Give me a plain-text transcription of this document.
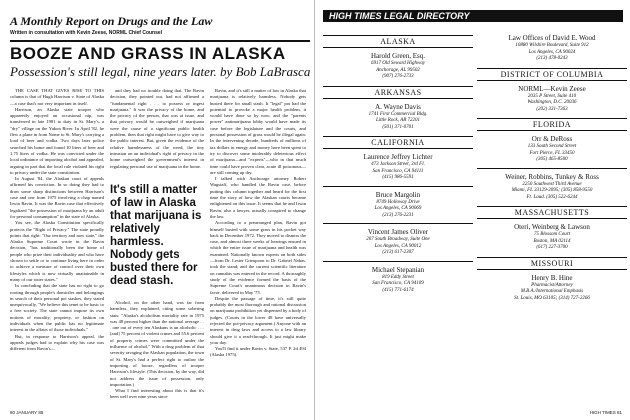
A Monthly Report on Drugs and the Law
Written in consultation with Kevin Zeese, NORML Chief Counsel
BOOZE AND GRASS IN ALASKA
Possession's still legal, nine years later. by Bob LaBrasca

THE CASE THAT GIVES RISE TO THIS column is that of Hugh Harrison v. State of Alaska—a case that's not very important in itself.

Harrison, an Alaska state trooper who apparently enjoyed an occasional nip, was transferred in late 1981 to duty in St. Mary's, a "dry" village on the Yukon River. In April '82, he flew a plane in from Nome to St. Mary's carrying a load of beer and vodka. Two days later police searched his home and found 10 liters of beer and 1.75 liters of vodka. He was convicted under the local ordinance of importing alcohol and appealed, arguing in part that the local rule violated his right to privacy under the state constitution.

In August '84, the Alaskan court of appeals affirmed his conviction. In so doing they had to draw some sharp distinctions between Harrison's case and one from 1975 involving a chap named Irwin Ravin. It was the Ravin case that effectively legalized "the possession of marijuana by an adult for personal consumption" in the state of Alaska.

You see, the Alaska Constitution specifically protects the "Right of Privacy." The state proudly points that right: "Our territory and now state," the Alaska Supreme Court wrote in the Ravin decision, "has traditionally been the home of people who prize their individuality and who have chosen to settle or to continue living here in order to achieve a measure of control over their own lifestyles which is now virtually unattainable in many of our sister states."

In concluding that the state has no right to go rooting through people's domiciles and belongings in search of their personal pot stashes, they stated unequivocally, "We believe this tenet to be basic to a free society. The state cannot impose its own notions of morality, propriety, or fashion on individuals when the public has no legitimate interest in the affairs of those individuals."

But, in response to Harrison's appeal, the appeals judges had to explain why his case was different from Ravin's—

and they had no trouble doing that. The Ravin decision, they pointed out, had not affirmed a "fundamental right . . . to possess or ingest marijuana." It was the privacy of the home, and the privacy of the person, that was at issue, and that privacy would be outweighed if marijuana were the cause of a significant public health problem, then that right might have to give way to the public interest. But, given the evidence of the relative harmlessness of the weed, the tiny intrusion on an individual's right of privacy in the home outweighed the government's interest in regulating personal use of marijuana in the home.

It's still a matter of law in Alaska that marijuana is relatively harmless. Nobody gets busted there for dead stash.

Alcohol, on the other hand, was far from harmless, they explained, citing some sobering stats: "Alaska's alcoholism mortality rate in 1975 was 48 percent higher than the national average . . . one out of every ten Alaskans is an alcoholic . . . [and] 75 percent of violent crimes and 55.6 percent of property crimes were committed under the influence of alcohol." With a drug problem of that severity ravaging the Alaskan population, the town of St. Mary's had a perfect right to outlaw the importing of booze, regardless of trooper Harrison's lifestyle. (This decision, by the way, did not address the issue of possession, only importation.)

What I find interesting about this is that it's been well over nine years since

Ravin, and it's still a matter of law in Alaska that marijuana is relatively harmless. Nobody gets busted there for small stash. It "legal" pot had the potential to provoke a major health problem, it would have done so by now; and the "parents power" antimarijuana lobby would have made its case before the legislature and the courts, and personal possession of grass would be illegal again. In the intervening decade, hundreds of millions of tax dollars in energy and money have been spent to try to discover some intolerably deleterious effect of marijuana—and "experts"—who in that much time could have proven clear, acute ill poisonous—are still coming up dry.

I talked with Anchorage attorney Robert Wagstaff, who handled the Ravin case, before putting this column together and heard for the first time the story of how the Alaskan courts became enlightened on this issue. It seems that he and Irwin Ravin, also a lawyer, actually conspired to change the law.

According to a prearranged plan, Ravin got himself busted with some grass in his pocket way back in December 1972. They moved to dismiss the case, and almost three weeks of hearings ensued in which the entire issue of marijuana and health was examined. Nationally known experts on both sides—from Dr. Lester Grinspoon to Dr. Gabriel Nahas, took the stand; and the current scientific literature on cannabis was entered in the record. A thoroughly study of the evidence formed the basis of the Supreme Court's unanimous decision in Ravin's favor, delivered in May '75.

Despite the passage of time, it's still quite probably the most thorough and rational discussion on marijuana prohibition yet dispensed by a body of judges. (Courts in the lower 48 have universally rejected the pot-privacy argument.) Anyone with an interest in drug laws and access to a law library should give it a read-through. It just might make your day.

You'll find it under Ravin v. State, 537 P. 2d 494 (Alaska 1975).

80 JANUARY 85
HIGH TIMES LEGAL DIRECTORY
ALASKA
Harold Green, Esq.
6917 Old Seward Highway
Anchorage, AL 99502
(907) 276-2733
ARKANSAS
A. Wayne Davis
1741 First Commercial Bldg.
Little Rock, AR 72201
(501) 371-0701
CALIFORNIA
Laurence Jeffrey Lichter
473 Jackson Street, 3rd Fl.
San Francisco, CA 94111
(415) 986-5591
Bruce Margolin
8749 Holloway Drive
Los Angeles, CA 90069
(213) 276-2231
Vincent James Oliver
207 South Broadway, Suite One
Los Angeles, CA 90012
(213) 617-2307
Michael Stepanian
819 Eddy Street
San Francisco, CA 94109
(415) 771-6174
Law Offices of David E. Wood
10880 Wilshire Boulevard, Suite 912
Los Angeles, CA 90024
(213) 478-0243
DISTRICT OF COLUMBIA
NORML—Kevin Zeese
2035 P Street, Suite 410
Washington, D.C. 20036
(202) 331-7363
FLORIDA
Orr & DeRoss
133 South Second Street
Fort Pierce, FL 33450
(305) 465-8500
Weiner, Robbins, Tunkey & Ross
2250 Southwest Third Avenue
Miami, FL 33129-2095; (305) 858-9550
Ft. Laud. (305) 522-6244
MASSACHUSETTS
Oteri, Weinberg & Lawson
75 Blossom Court
Boston, MA 02114
(617) 227-3700
MISSOURI
Henry B. Hine
Pharmacist/Attorney
M.B.A./International Emphasis
St. Louis, MO 63105; (314) 727-2266
HIGH TIMES 81
